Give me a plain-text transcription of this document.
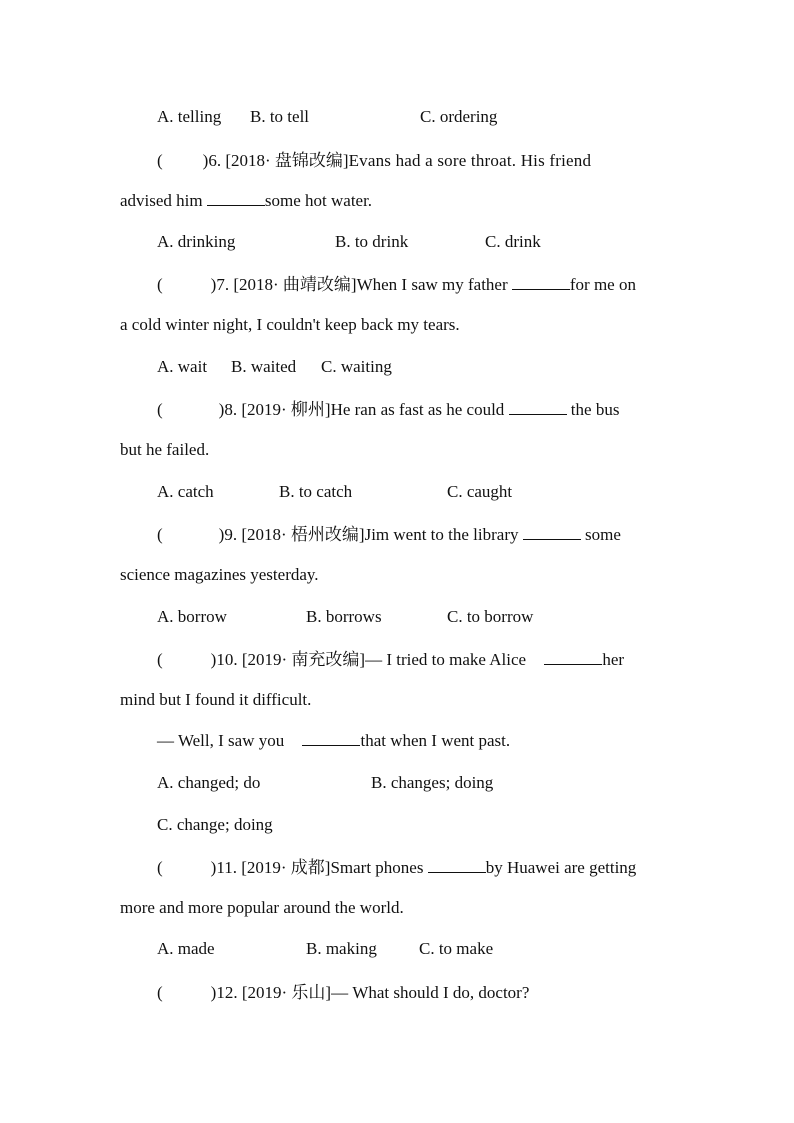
A. telling B. to tell	C. ordering
( )6. [2018· 盘锦改编]Evans had a sore throat. His friend
advised him	some hot water.
A. drinking	B. to drink	C. drink
(	)7. [2018· 曲靖改编]When I saw my father	for me on
a cold winter night, I couldn't keep back my tears.
A. wait B. waited C. waiting
(	)8. [2019· 柳州]He ran as fast as he could	the bus
but he failed.
A. catch	B. to catch	C. caught
(	)9. [2018· 梧州改编]Jim went to the library	some
science magazines yesterday.
A. borrow	B. borrows	C. to borrow
(	)10. [2019· 南充改编]— I tried to make Alice	her
mind but I found it difficult.
— Well, I saw you	that when I went past.
A. changed; do	B. changes; doing
C. change; doing
(	)11. [2019· 成都]Smart phones	by Huawei are getting
more and more popular around the world.
A. made	B. making C. to make
(	)12. [2019· 乐山]— What should I do, doctor?
